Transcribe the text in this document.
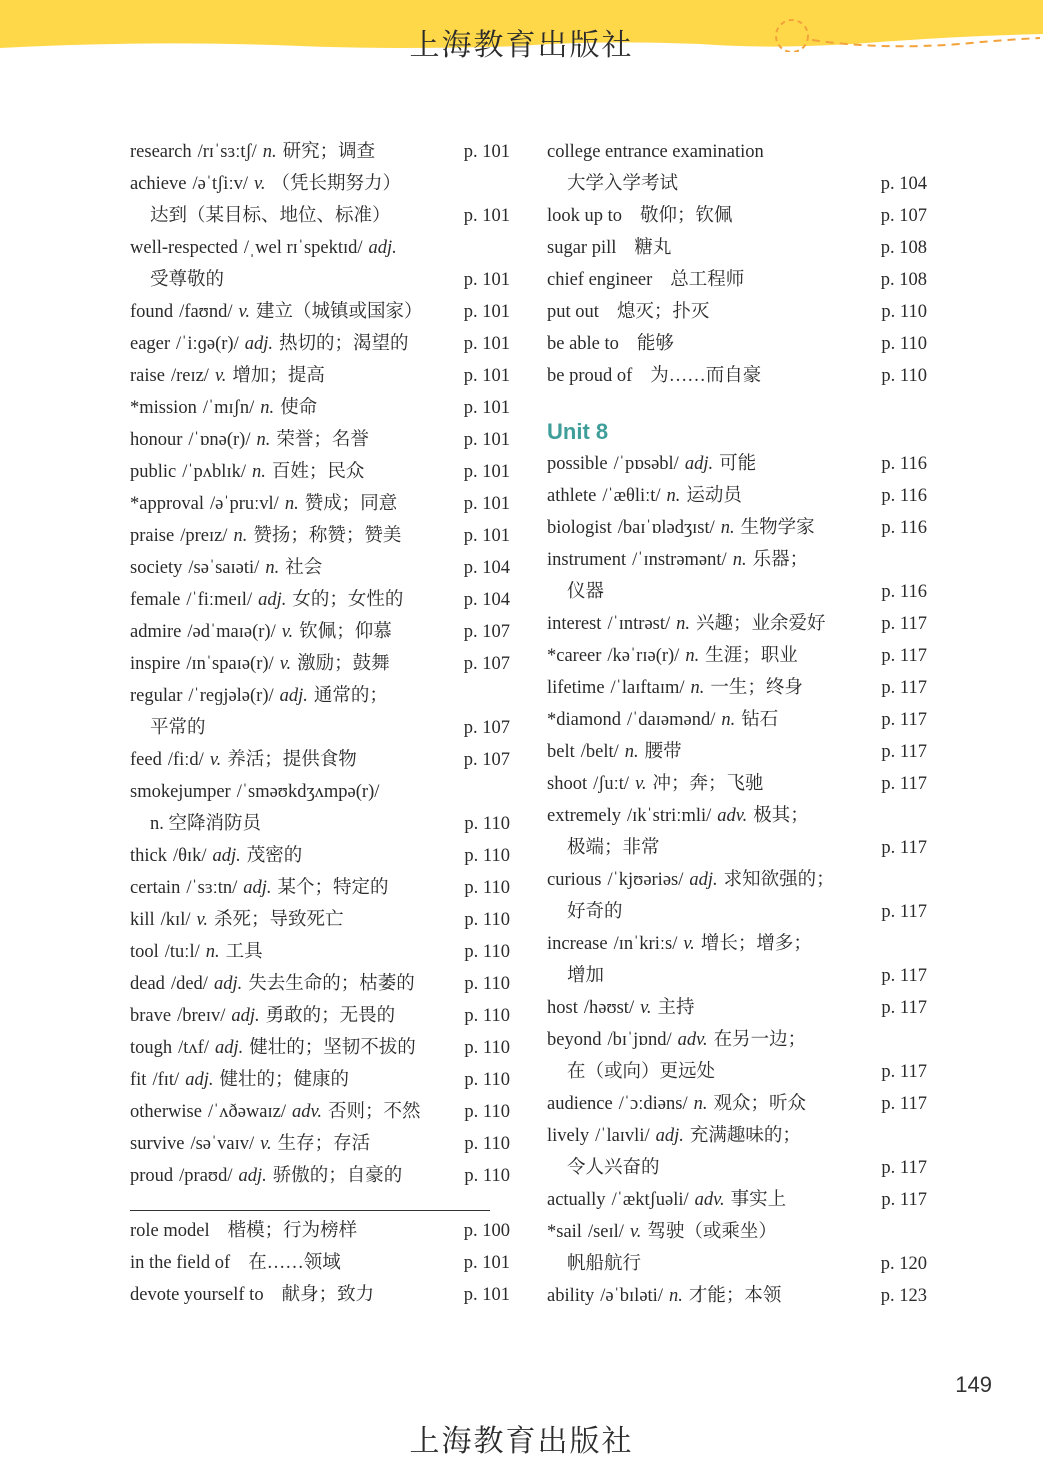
上海教育出版社
research /rɪˈsɜːtʃ/ n. 研究；调查	p. 101
achieve /əˈtʃiːv/ v. （凭长期努力）
达到（某目标、地位、标准）	p. 101
well-respected /ˌwel rɪˈspektɪd/ adj.
受尊敬的	p. 101
found /faʊnd/ v. 建立（城镇或国家）	p. 101
eager /ˈiːɡə(r)/ adj. 热切的；渴望的	p. 101
raise /reɪz/ v. 增加；提高	p. 101
*mission /ˈmɪʃn/ n. 使命	p. 101
honour /ˈɒnə(r)/ n. 荣誉；名誉	p. 101
public /ˈpʌblɪk/ n. 百姓；民众	p. 101
*approval /əˈpruːvl/ n. 赞成；同意	p. 101
praise /preɪz/ n. 赞扬；称赞；赞美	p. 101
society /səˈsaɪəti/ n. 社会	p. 104
female /ˈfiːmeɪl/ adj. 女的；女性的	p. 104
admire /ədˈmaɪə(r)/ v. 钦佩；仰慕	p. 107
inspire /ɪnˈspaɪə(r)/ v. 激励；鼓舞	p. 107
regular /ˈreɡjələ(r)/ adj. 通常的；
平常的	p. 107
feed /fiːd/ v. 养活；提供食物	p. 107
smokejumper /ˈsməʊkdʒʌmpə(r)/
n. 空降消防员	p. 110
thick /θɪk/ adj. 茂密的	p. 110
certain /ˈsɜːtn/ adj. 某个；特定的	p. 110
kill /kɪl/ v. 杀死；导致死亡	p. 110
tool /tuːl/ n. 工具	p. 110
dead /ded/ adj. 失去生命的；枯萎的	p. 110
brave /breɪv/ adj. 勇敢的；无畏的	p. 110
tough /tʌf/ adj. 健壮的；坚韧不拔的	p. 110
fit /fɪt/ adj. 健壮的；健康的	p. 110
otherwise /ˈʌðəwaɪz/ adv. 否则；不然	p. 110
survive /səˈvaɪv/ v. 生存；存活	p. 110
proud /praʊd/ adj. 骄傲的；自豪的	p. 110
role model 楷模；行为榜样	p. 100
in the field of 在……领域	p. 101
devote yourself to 献身；致力	p. 101
college entrance examination
大学入学考试	p. 104
look up to 敬仰；钦佩	p. 107
sugar pill 糖丸	p. 108
chief engineer 总工程师	p. 108
put out 熄灭；扑灭	p. 110
be able to 能够	p. 110
be proud of 为……而自豪	p. 110
Unit 8
possible /ˈpɒsəbl/ adj. 可能	p. 116
athlete /ˈæθliːt/ n. 运动员	p. 116
biologist /baɪˈɒlədʒɪst/ n. 生物学家	p. 116
instrument /ˈɪnstrəmənt/ n. 乐器；
仪器	p. 116
interest /ˈɪntrəst/ n. 兴趣；业余爱好	p. 117
*career /kəˈrɪə(r)/ n. 生涯；职业	p. 117
lifetime /ˈlaɪftaɪm/ n. 一生；终身	p. 117
*diamond /ˈdaɪəmənd/ n. 钻石	p. 117
belt /belt/ n. 腰带	p. 117
shoot /ʃuːt/ v. 冲；奔；飞驰	p. 117
extremely /ɪkˈstriːmli/ adv. 极其；
极端；非常	p. 117
curious /ˈkjʊəriəs/ adj. 求知欲强的；
好奇的	p. 117
increase /ɪnˈkriːs/ v. 增长；增多；
增加	p. 117
host /həʊst/ v. 主持	p. 117
beyond /bɪˈjɒnd/ adv. 在另一边；
在（或向）更远处	p. 117
audience /ˈɔːdiəns/ n. 观众；听众	p. 117
lively /ˈlaɪvli/ adj. 充满趣味的；
令人兴奋的	p. 117
actually /ˈæktʃuəli/ adv. 事实上	p. 117
*sail /seɪl/ v. 驾驶（或乘坐）
帆船航行	p. 120
ability /əˈbɪləti/ n. 才能；本领	p. 123
149
上海教育出版社
